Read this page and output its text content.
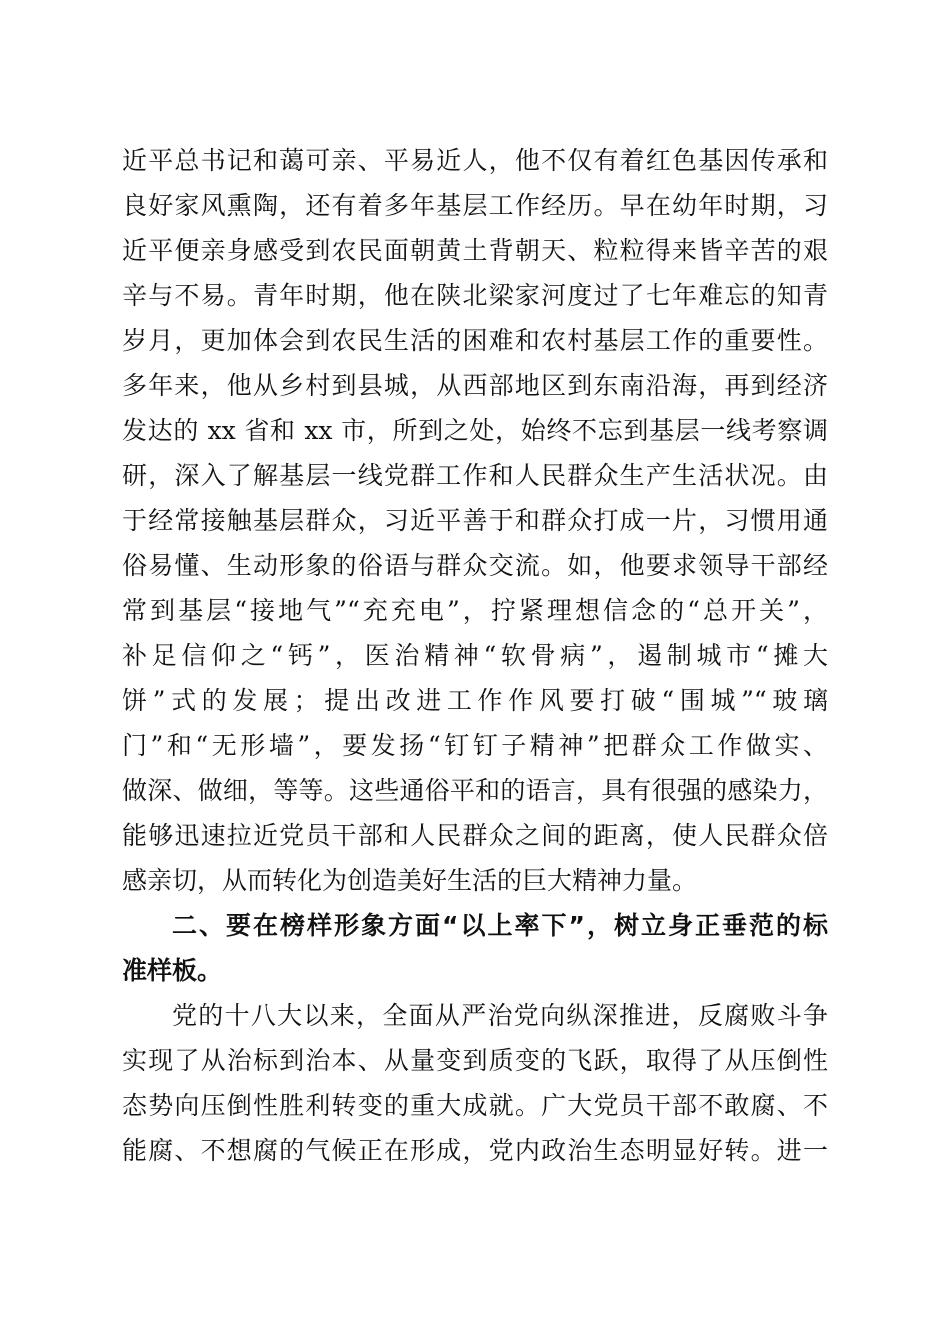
近平总书记和蔼可亲、平易近人，他不仅有着红色基因传承和
良好家风熏陶，还有着多年基层工作经历。早在幼年时期，习
近平便亲身感受到农民面朝黄土背朝天、粒粒得来皆辛苦的艰
辛与不易。青年时期，他在陕北梁家河度过了七年难忘的知青
岁月，更加体会到农民生活的困难和农村基层工作的重要性。
多年来，他从乡村到县城，从西部地区到东南沿海，再到经济
发达的 xx 省和 xx 市，所到之处，始终不忘到基层一线考察调
研，深入了解基层一线党群工作和人民群众生产生活状况。由
于经常接触基层群众，习近平善于和群众打成一片，习惯用通
俗易懂、生动形象的俗语与群众交流。如，他要求领导干部经
常到基层“接地气”“充充电”，拧紧理想信念的“总开关”，
补足信仰之“钙”，医治精神“软骨病”，遏制城市“摊大
饼”式的发展；提出改进工作作风要打破“围城”“玻璃
门”和“无形墙”，要发扬“钉钉子精神”把群众工作做实、
做深、做细，等等。这些通俗平和的语言，具有很强的感染力，
能够迅速拉近党员干部和人民群众之间的距离，使人民群众倍
感亲切，从而转化为创造美好生活的巨大精神力量。
二、要在榜样形象方面“以上率下”，树立身正垂范的标
准样板。
党的十八大以来，全面从严治党向纵深推进，反腐败斗争
实现了从治标到治本、从量变到质变的飞跃，取得了从压倒性
态势向压倒性胜利转变的重大成就。广大党员干部不敢腐、不
能腐、不想腐的气候正在形成，党内政治生态明显好转。进一
